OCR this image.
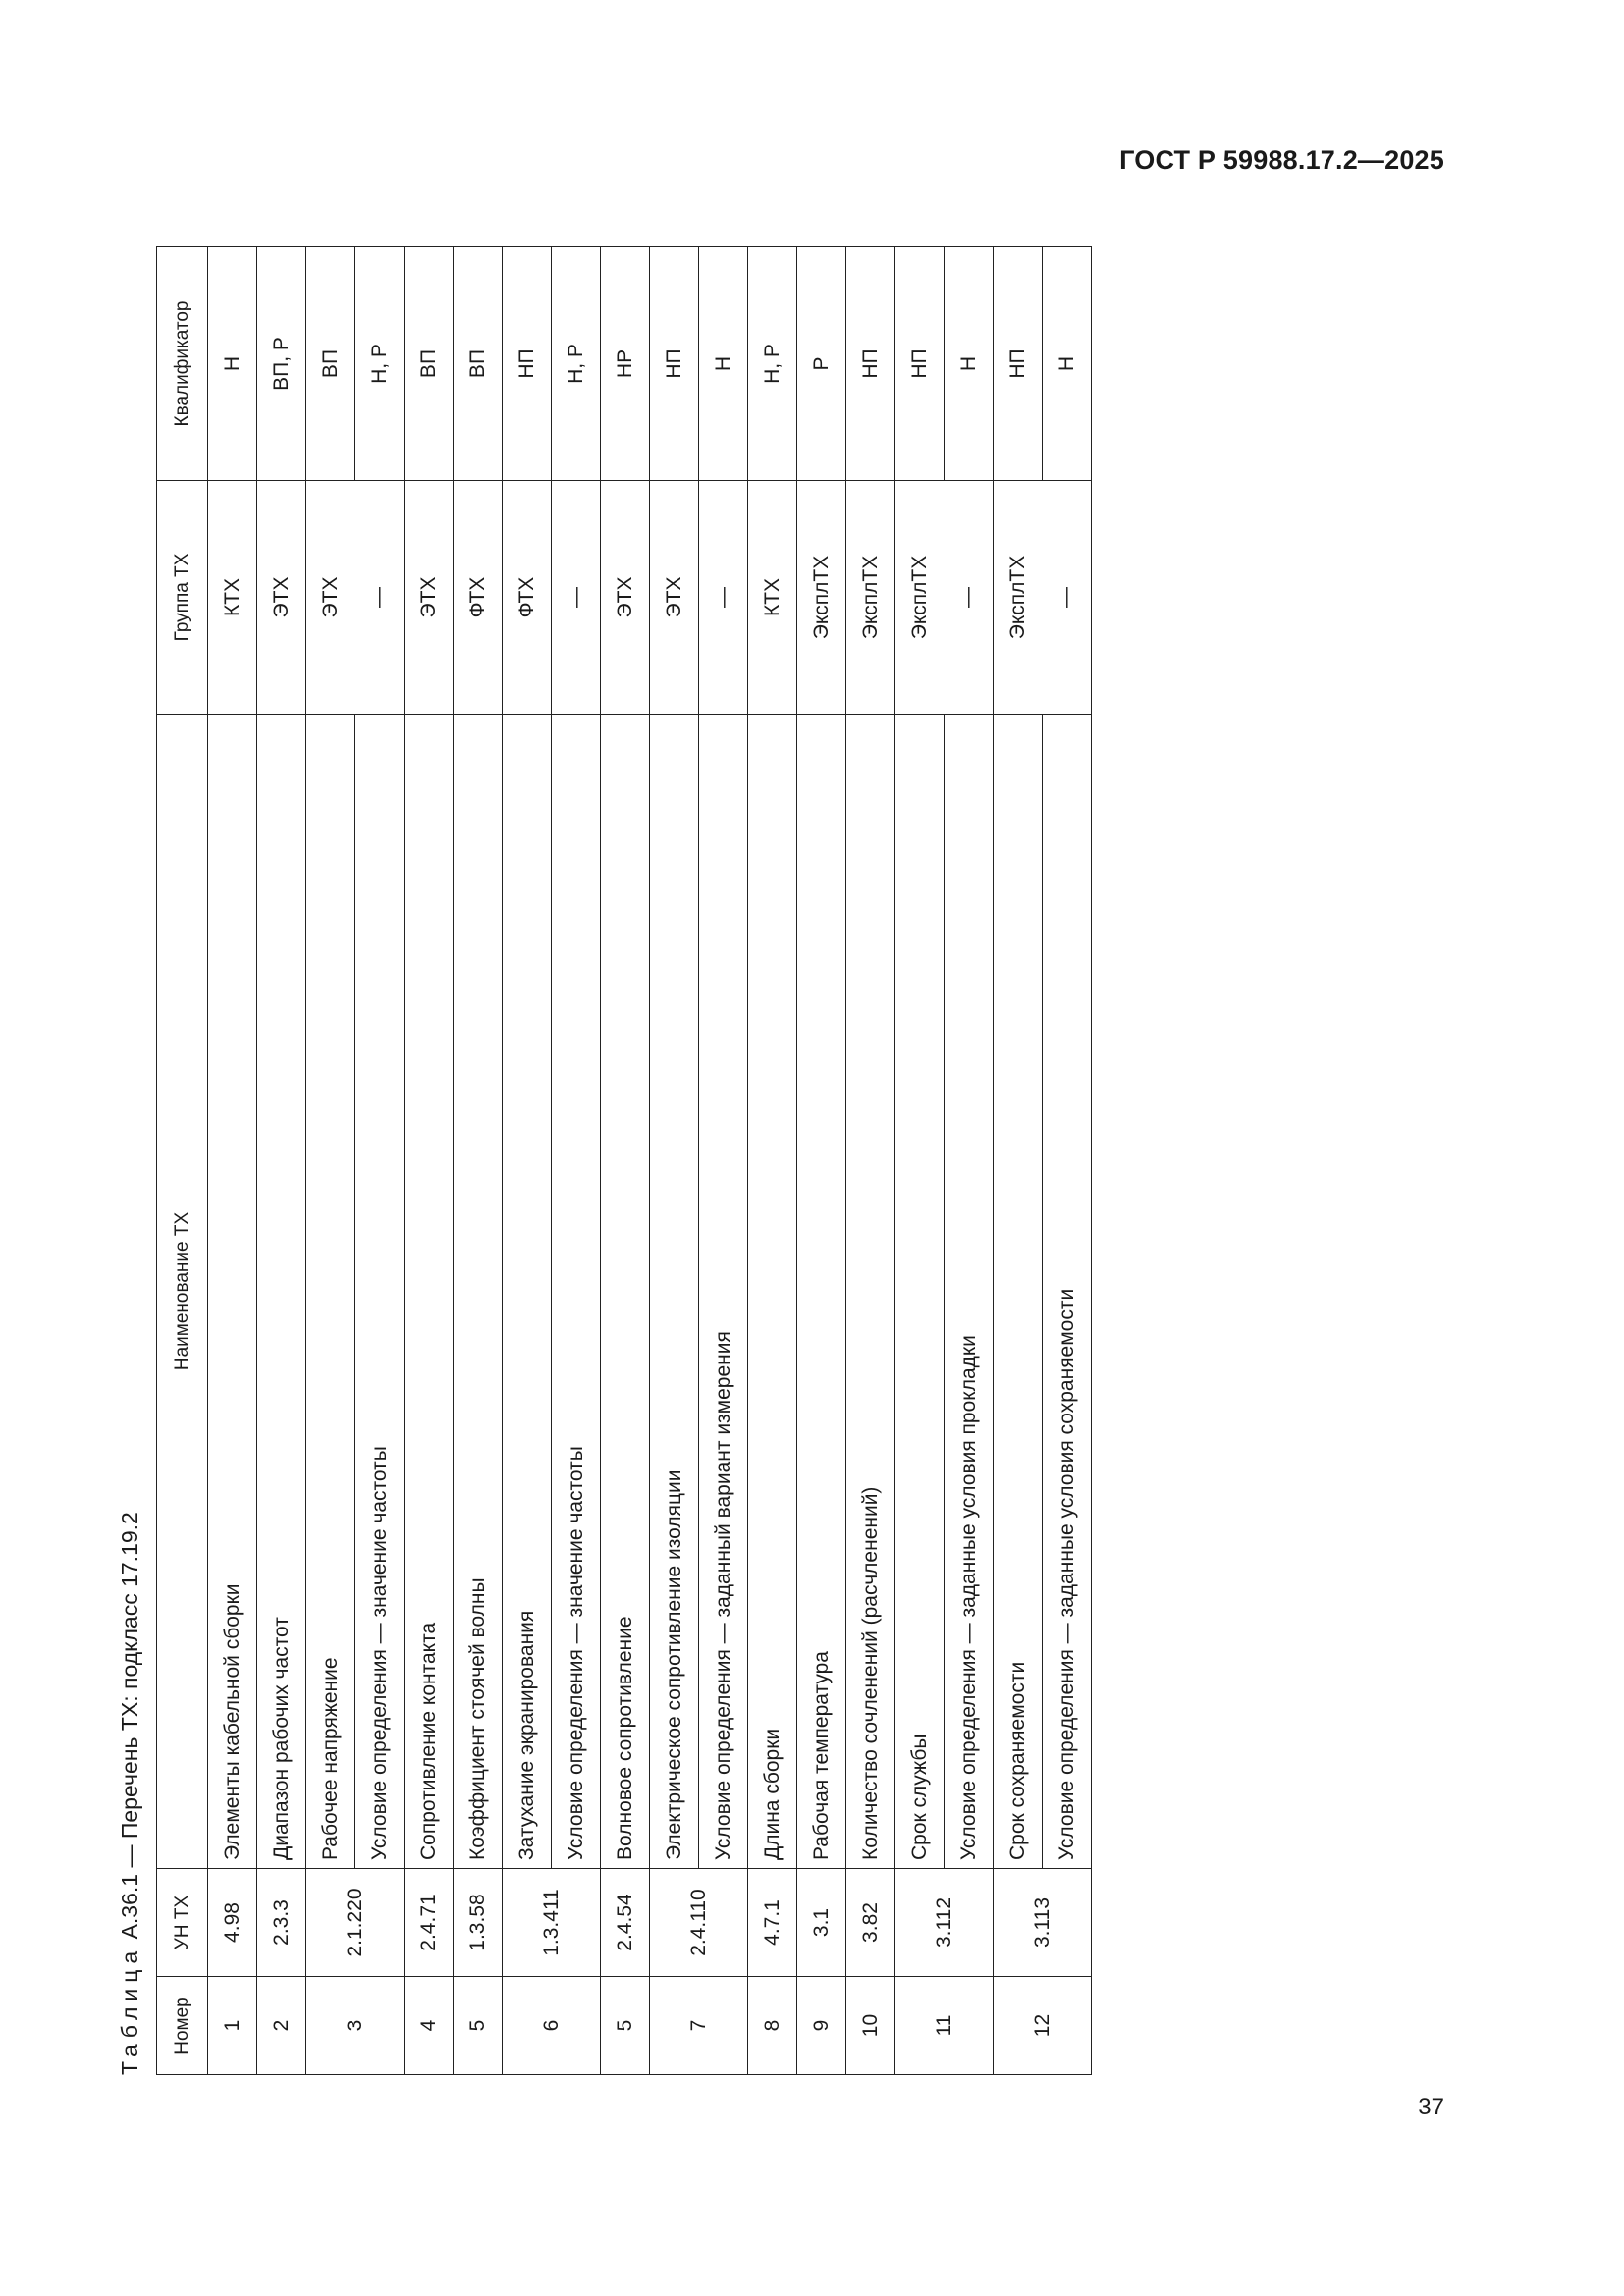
ГОСТ Р 59988.17.2—2025
Таблица А.36.1 — Перечень ТХ: подкласс 17.19.2
Номер	УН ТХ	Наименование ТХ	Группа ТХ	Квалификатор
1	4.98	Элементы кабельной сборки	КТХ	Н
2	2.3.3	Диапазон рабочих частот	ЭТХ	ВП, Р
3	2.1.220	Рабочее напряжение	ЭТХ	ВП
		Условие определения — значение частоты	—	Н, Р
4	2.4.71	Сопротивление контакта	ЭТХ	ВП
5	1.3.58	Коэффициент стоячей волны	ФТХ	ВП
6	1.3.411	Затухание экранирования	ФТХ	НП
		Условие определения — значение частоты	—	Н, Р
5	2.4.54	Волновое сопротивление	ЭТХ	НР
7	2.4.110	Электрическое сопротивление изоляции	ЭТХ	НП
		Условие определения — заданный вариант измерения	—	Н
8	4.7.1	Длина сборки	КТХ	Н, Р
9	3.1	Рабочая температура	ЭксплТХ	Р
10	3.82	Количество сочленений (расчленений)	ЭксплТХ	НП
11	3.112	Срок службы	ЭксплТХ	НП
		Условие определения — заданные условия прокладки	—	Н
12	3.113	Срок сохраняемости	ЭксплТХ	НП
		Условие определения — заданные условия сохраняемости	—	Н
37
